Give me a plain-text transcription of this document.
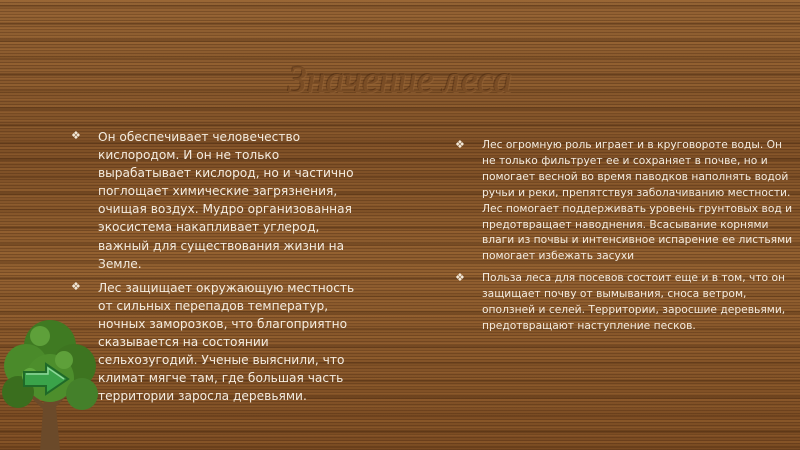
Значение леса
❖ Он обеспечивает человечество кислородом. И он не только вырабатывает кислород, но и частично поглощает химические загрязнения, очищая воздух. Мудро организованная экосистема накапливает углерод, важный для существования жизни на Земле.
❖ Лес защищает окружающую местность от сильных перепадов температур, ночных заморозков, что благоприятно сказывается на состоянии сельхозугодий. Ученые выяснили, что климат мягче там, где большая часть территории заросла деревьями.
❖ Лес огромную роль играет и в круговороте воды. Он не только фильтрует ее и сохраняет в почве, но и помогает весной во время паводков наполнять водой ручьи и реки, препятствуя заболачиванию местности. Лес помогает поддерживать уровень грунтовых вод и предотвращает наводнения. Всасывание корнями влаги из почвы и интенсивное испарение ее листьями помогает избежать засухи
❖ Польза леса для посевов состоит еще и в том, что он защищает почву от вымывания, сноса ветром, оползней и селей. Территории, заросшие деревьями, предотвращают наступление песков.
